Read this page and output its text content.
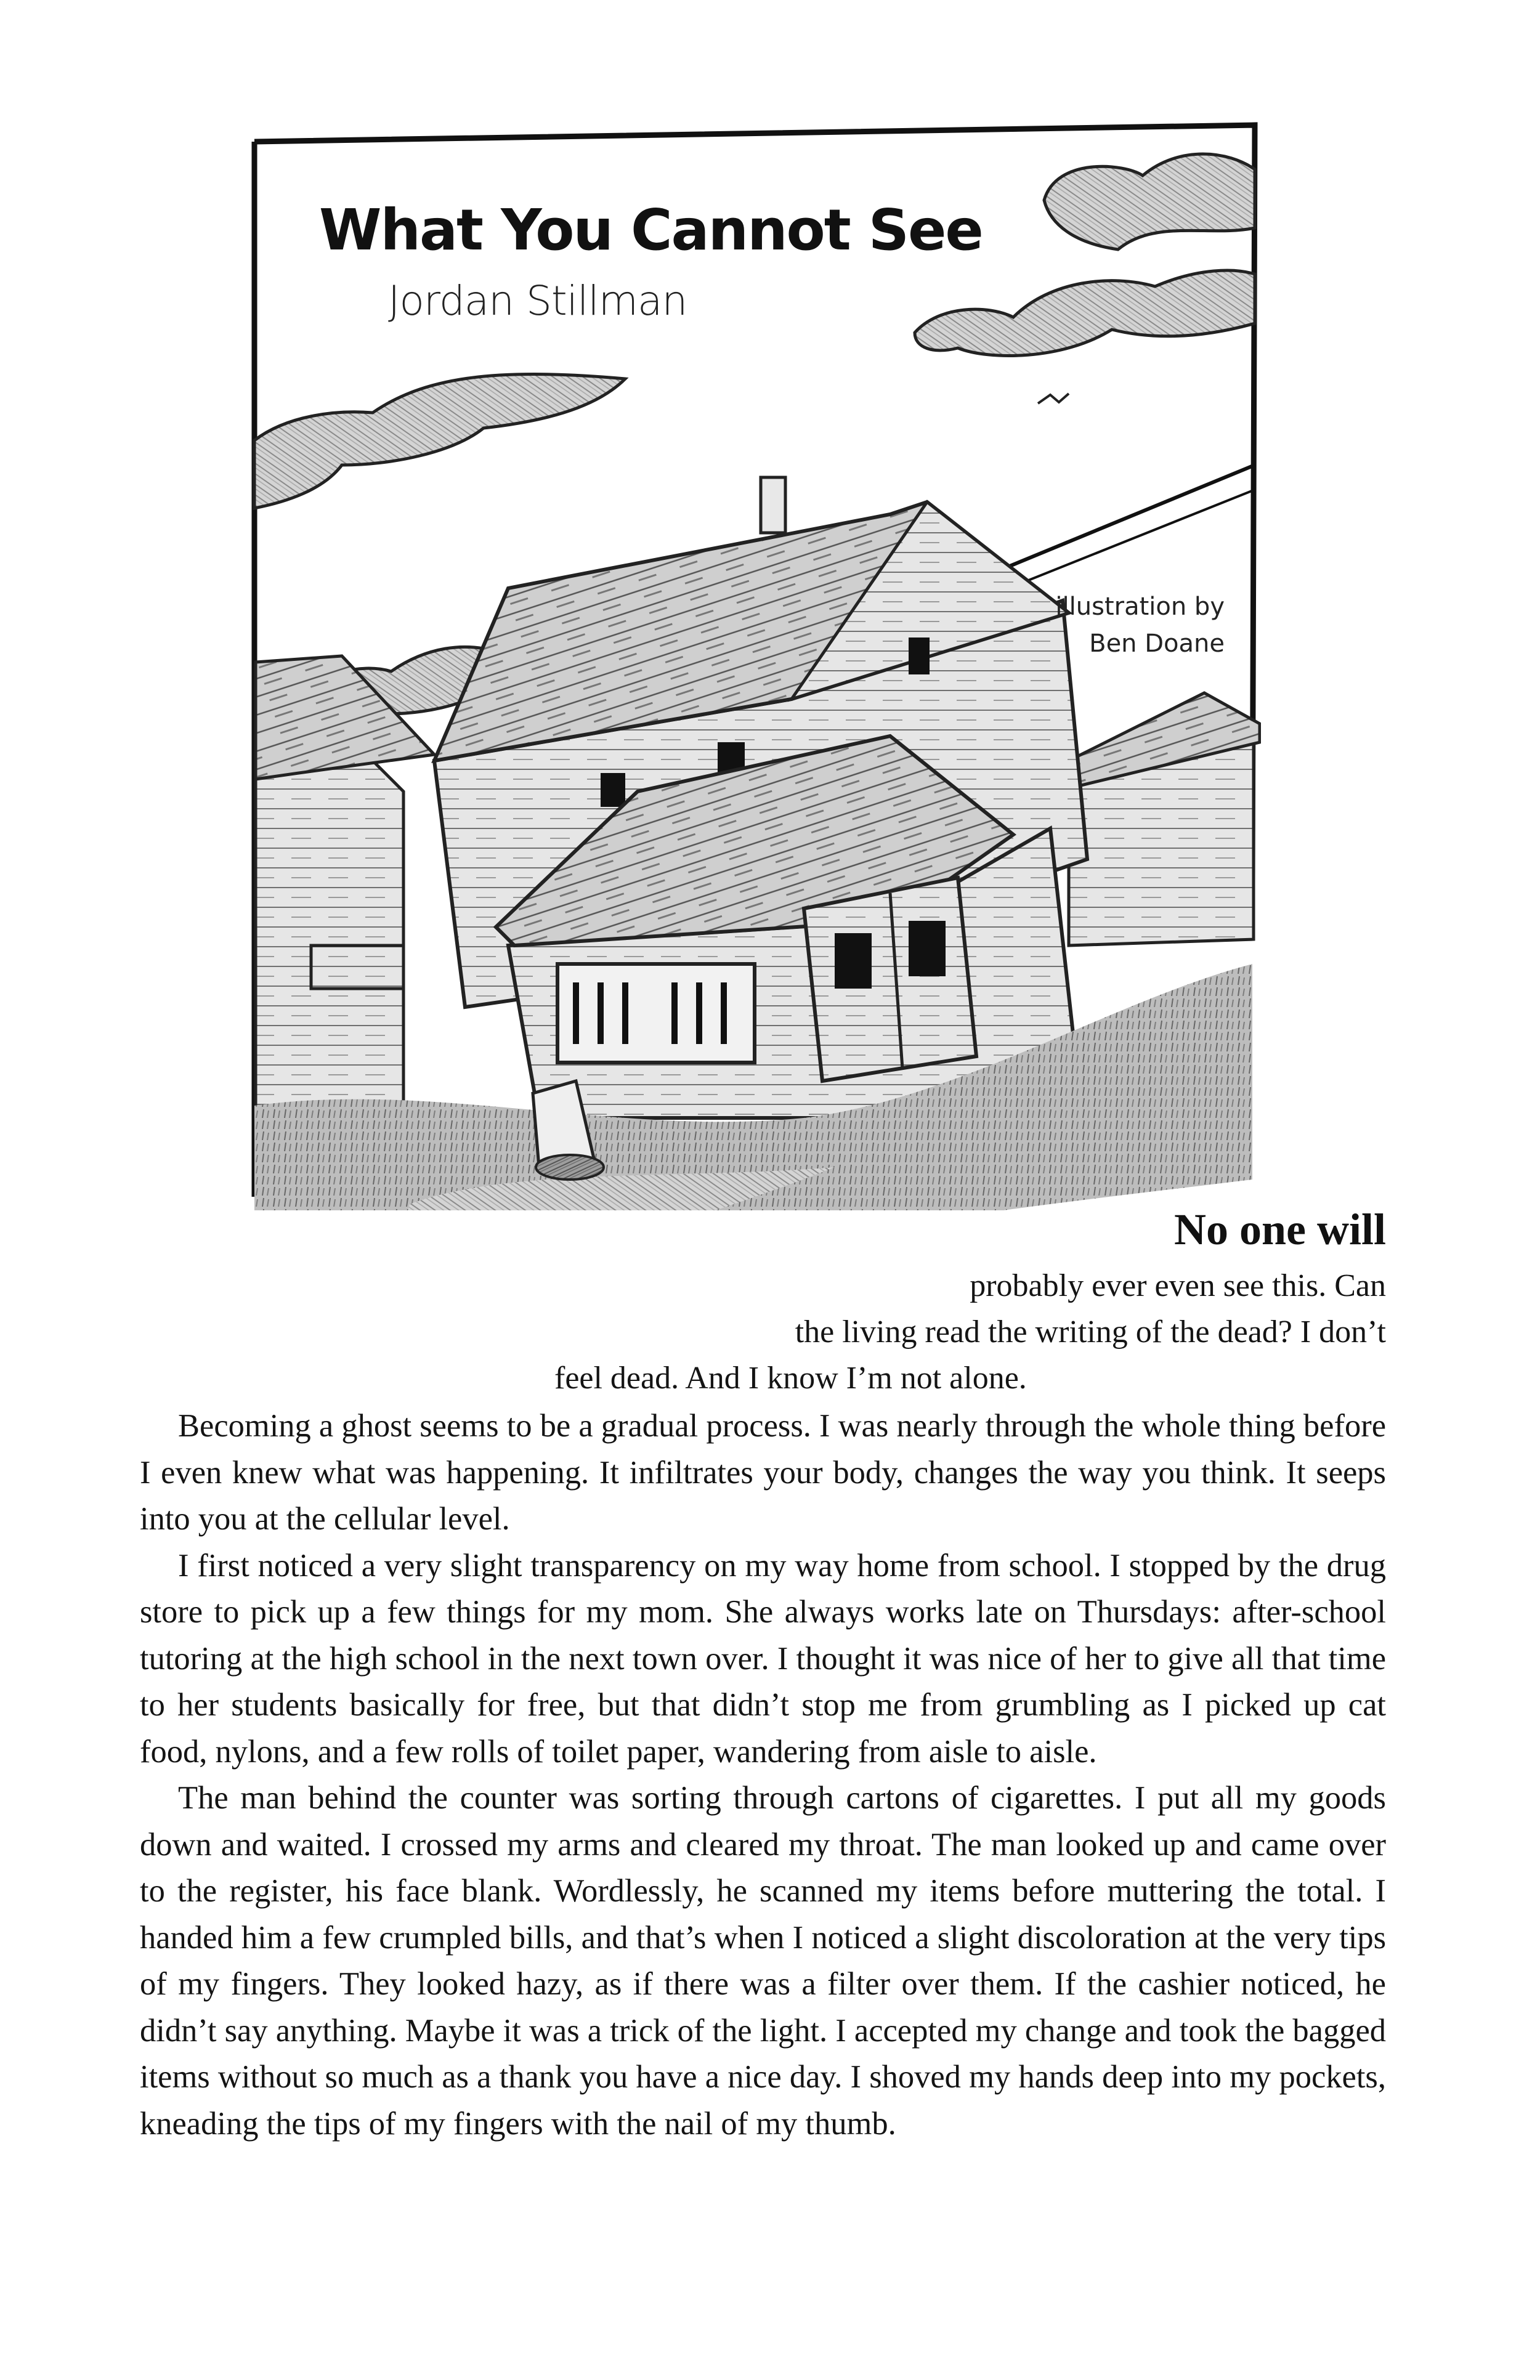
What You Cannot See
Jordan Stillman
illustration by
Ben Doane
No one will
probably ever even see this. Can
the living read the writing of the dead? I don’t
feel dead. And I know I’m not alone.

Becoming a ghost seems to be a gradual process. I was nearly through the whole thing before I even knew what was happening. It infiltrates your body, changes the way you think. It seeps into you at the cellular level.

I first noticed a very slight transparency on my way home from school. I stopped by the drug store to pick up a few things for my mom. She always works late on Thursdays: after-school tutoring at the high school in the next town over. I thought it was nice of her to give all that time to her students basically for free, but that didn’t stop me from grumbling as I picked up cat food, nylons, and a few rolls of toilet paper, wandering from aisle to aisle.

The man behind the counter was sorting through cartons of cigarettes. I put all my goods down and waited. I crossed my arms and cleared my throat. The man looked up and came over to the register, his face blank. Wordlessly, he scanned my items before muttering the total. I handed him a few crumpled bills, and that’s when I noticed a slight discoloration at the very tips of my fingers. They looked hazy, as if there was a filter over them. If the cashier noticed, he didn’t say anything. Maybe it was a trick of the light. I accepted my change and took the bagged items without so much as a thank you have a nice day. I shoved my hands deep into my pockets, kneading the tips of my fingers with the nail of my thumb.
